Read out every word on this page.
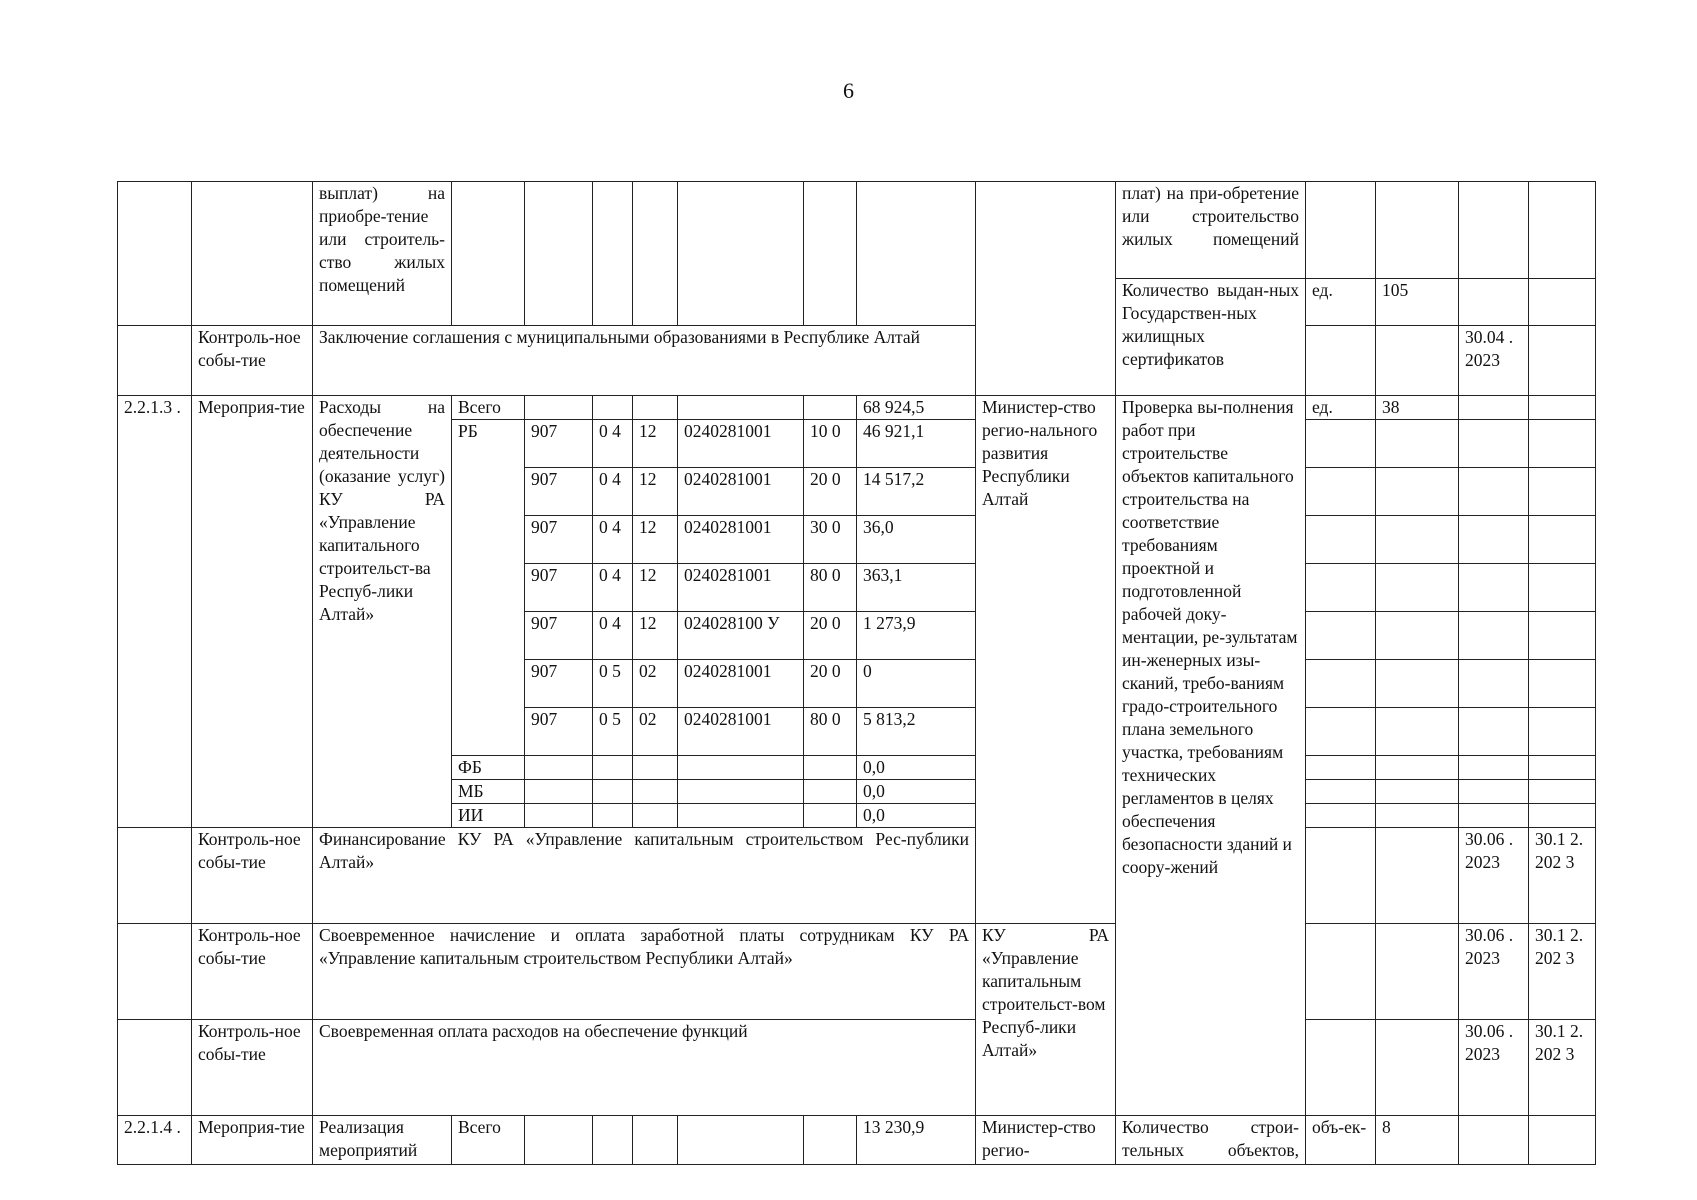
6
		выплат) на приобре-тение или строитель-ство жилых помещений									плат) на при-обретение или строительство жилых помещений				
											Количество выдан-ных Государствен-ных жилищных сертификатов	ед.	105		
	Контроль-ное собы-тие	Заключение соглашения с муниципальными образованиями в Республике Алтай												30.04 . 2023	
2.2.1.3 .	Мероприя-тие	Расходы на обеспечение деятельности (оказание услуг) КУ РА «Управление капитального строительст-ва Респуб-лики Алтай»	Всего						68 924,5	Министер-ство регио-нального развития Республики Алтай	Проверка вы-полнения работ при строительстве объектов капитального строительства на соответствие требованиям проектной и подготовленной рабочей доку-ментации, ре-зультатам ин-женерных изы-сканий, требо-ваниям градо-строительного плана земельного участка, требованиям технических регламентов в целях обеспечения безопасности зданий и соору-жений	ед.	38		
			РБ	907	0 4	12	0240281001	10 0	46 921,1						
				907	0 4	12	0240281001	20 0	14 517,2						
				907	0 4	12	0240281001	30 0	36,0						
				907	0 4	12	0240281001	80 0	363,1						
				907	0 4	12	024028100 У	20 0	1 273,9						
				907	0 5	02	0240281001	20 0	0						
				907	0 5	02	0240281001	80 0	5 813,2						
			ФБ						0,0						
			МБ						0,0						
			ИИ						0,0						
	Контроль-ное собы-тие	Финансирование КУ РА «Управление капитальным строительством Рес-публики Алтай»												30.06 . 2023	30.1 2. 202 3
	Контроль-ное собы-тие	Своевременное начисление и оплата заработной платы сотрудникам КУ РА «Управление капитальным строительством Республики Алтай»								КУ РА «Управление капитальным строительст-вом Респуб-лики Алтай»				30.06 . 2023	30.1 2. 202 3
	Контроль-ное собы-тие	Своевременная оплата расходов на обеспечение функций												30.06 . 2023	30.1 2. 202 3
2.2.1.4 .	Мероприя-тие	Реализация мероприятий	Всего						13 230,9	Министер-ство регио-	Количество строи-тельных объектов,	объ-ек-	8		
